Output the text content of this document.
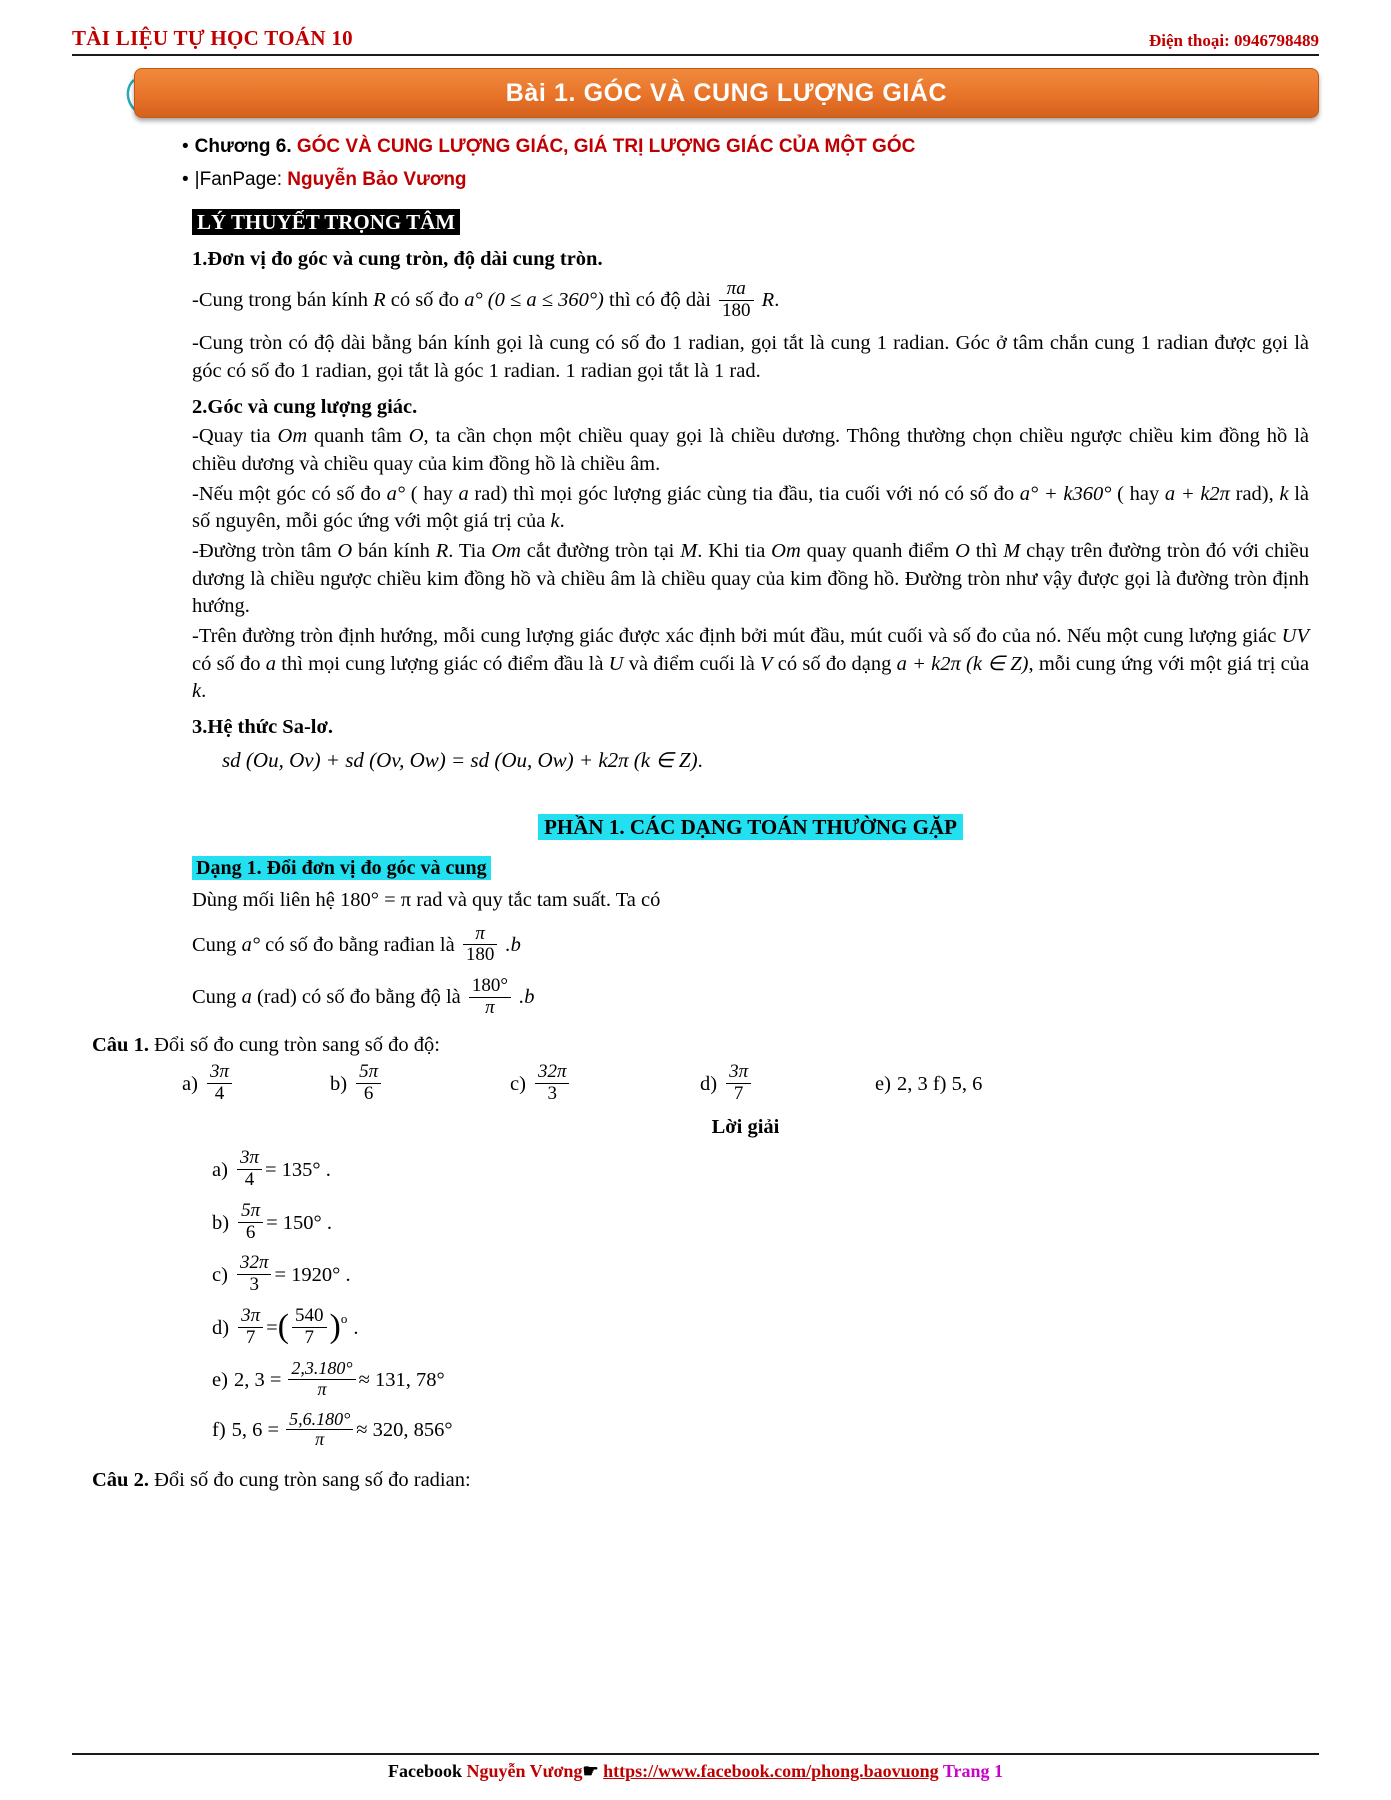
TÀI LIỆU TỰ HỌC TOÁN 10	Điện thoại: 0946798489
Bài 1. GÓC VÀ CUNG LƯỢNG GIÁC
• Chương 6. GÓC VÀ CUNG LƯỢNG GIÁC, GIÁ TRỊ LƯỢNG GIÁC CỦA MỘT GÓC
• |FanPage: Nguyễn Bảo Vương
LÝ THUYẾT TRỌNG TÂM
1.Đơn vị đo góc và cung tròn, độ dài cung tròn.

-Cung trong bán kính R có số đo a° (0 ≤ a ≤ 360°) thì có độ dài $\frac{\pi a}{180} R$.

-Cung tròn có độ dài bằng bán kính gọi là cung có số đo 1 radian, gọi tắt là cung 1 radian. Góc ở tâm chắn cung 1 radian được gọi là góc có số đo 1 radian, gọi tắt là góc 1 radian. 1 radian gọi tắt là 1 rad.

2.Góc và cung lượng giác.

-Quay tia Om quanh tâm O, ta cần chọn một chiều quay gọi là chiều dương. Thông thường chọn chiều ngược chiều kim đồng hồ là chiều dương và chiều quay của kim đồng hồ là chiều âm.

-Nếu một góc có số đo a° ( hay a rad) thì mọi góc lượng giác cùng tia đầu, tia cuối với nó có số đo a° + k360° ( hay a + k2π rad), k là số nguyên, mỗi góc ứng với một giá trị của k.

-Đường tròn tâm O bán kính R. Tia Om cắt đường tròn tại M. Khi tia Om quay quanh điểm O thì M chạy trên đường tròn đó với chiều dương là chiều ngược chiều kim đồng hồ và chiều âm là chiều quay của kim đồng hồ. Đường tròn như vậy được gọi là đường tròn định hướng.

-Trên đường tròn định hướng, mỗi cung lượng giác được xác định bởi mút đầu, mút cuối và số đo của nó. Nếu một cung lượng giác UV có số đo a thì mọi cung lượng giác có điểm đầu là U và điểm cuối là V có số đo dạng a + k2π (k ∈ Z), mỗi cung ứng với một giá trị của k.

3.Hệ thức Sa-lơ.

sd (Ou, Ov) + sd (Ov, Ow) = sd (Ou, Ow) + k2π (k ∈ Z).

PHẦN 1. CÁC DẠNG TOÁN THƯỜNG GẶP
Dạng 1. Đổi đơn vị đo góc và cung

Dùng mối liên hệ 180° = π rad và quy tắc tam suất. Ta có

Cung a° có số đo bằng rađian là $\frac{\pi}{180} .b$

Cung a (rad) có số đo bằng độ là $\frac{180^\circ}{\pi} .b$

Câu 1. Đổi số đo cung tròn sang số đo độ:
$a) \frac{3\pi}{4}$	$b) \frac{5\pi}{6}$	$c) \frac{32\pi}{3}$	$d) \frac{3\pi}{7}$	e) 2, 3 f) 5, 6
Lời giải
$a) \frac{3\pi}{4} = 135^\circ$ .
$b) \frac{5\pi}{6} = 150^\circ$ .
$c) \frac{32\pi}{3} = 1920^\circ$ .
$d) \frac{3\pi}{7}$ = ( $\frac{540}{7}$ ) o .
e) 2, $3 = \frac{2,3.180^\circ}{\pi} \approx 131$, 78°
f) 5, $6 = \frac{5,6.180^\circ}{\pi} \approx 320$, 856°
Câu 2. Đổi số đo cung tròn sang số đo radian:
Facebook Nguyễn Vương☛ https://www.facebook.com/phong.baovuong Trang 1
